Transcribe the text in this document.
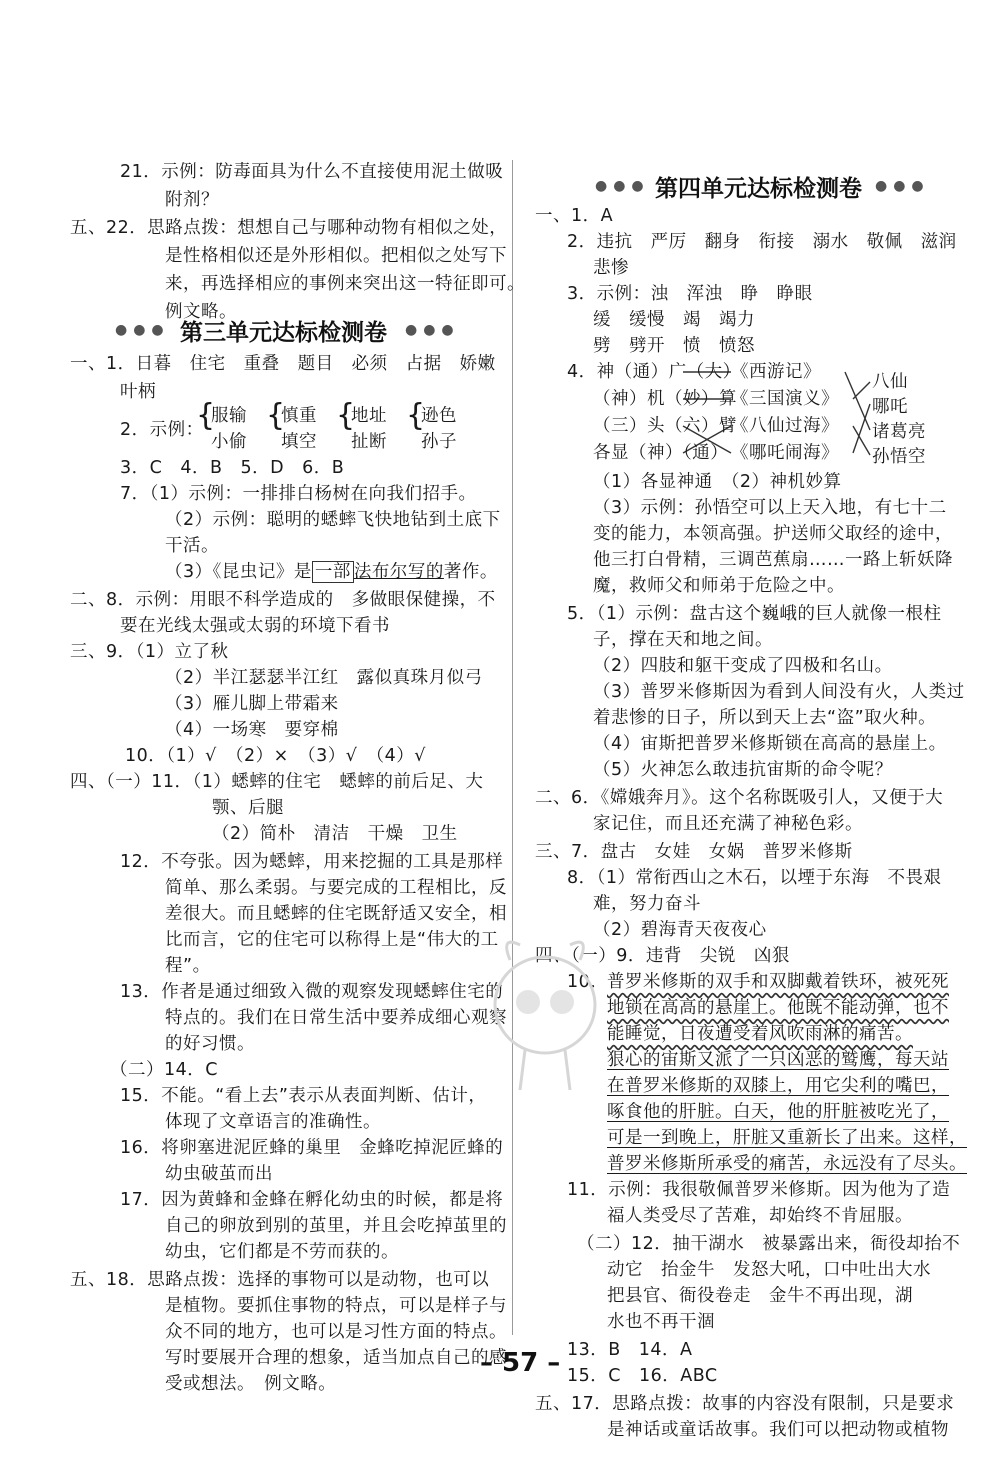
21．示例：防毒面具为什么不直接使用泥土做吸
附剂？
五、22．思路点拨：想想自己与哪种动物有相似之处，
是性格相似还是外形相似。把相似之处写下
来，再选择相应的事例来突出这一特征即可。
例文略。
●●● 第三单元达标检测卷 ●●●
一、1．日暮　住宅　重叠　题目　必须　占据　娇嫩
叶柄
2．示例：
{
服输
小偷
{
慎重
填空
{
地址
扯断
{
逊色
孙子
3．C　4．B　5．D　6．B
7．（1）示例：一排排白杨树在向我们招手。
（2）示例：聪明的蟋蟀飞快地钻到土底下
干活。
（3）《昆虫记》是 一部 法布尔写的著作。
二、8．示例：用眼不科学造成的　多做眼保健操，不
要在光线太强或太弱的环境下看书
三、9．（1）立了秋
（2）半江瑟瑟半江红　露似真珠月似弓
（3）雁儿脚上带霜来
（4）一场寒　要穿棉
10．（1）√　（2）×　（3）√　（4）√
四、（一）11．（1）蟋蟀的住宅　蟋蟀的前后足、大
颚、后腿
（2）简朴　清洁　干燥　卫生
12．不夸张。因为蟋蟀，用来挖掘的工具是那样
简单、那么柔弱。与要完成的工程相比，反
差很大。而且蟋蟀的住宅既舒适又安全，相
比而言，它的住宅可以称得上是“伟大的工
程”。
13．作者是通过细致入微的观察发现蟋蟀住宅的
特点的。我们在日常生活中要养成细心观察
的好习惯。
（二）14．C
15．不能。“看上去”表示从表面判断、估计，
体现了文章语言的准确性。
16．将卵塞进泥匠蜂的巢里　金蜂吃掉泥匠蜂的
幼虫破茧而出
17．因为黄蜂和金蜂在孵化幼虫的时候，都是将
自己的卵放到别的茧里，并且会吃掉茧里的
幼虫，它们都是不劳而获的。
五、18．思路点拨：选择的事物可以是动物，也可以
是植物。要抓住事物的特点，可以是样子与
众不同的地方，也可以是习性方面的特点。
写时要展开合理的想象，适当加点自己的感
受或想法。　例文略。
●●● 第四单元达标检测卷 ●●●
一、1．A
2．违抗　严厉　翻身　衔接　溺水　敬佩　滋润
悲惨
3．示例：浊　浑浊　睁　睁眼
缓　缓慢　竭　竭力
劈　劈开　愤　愤怒
4．神（通）广（大）
（神）机（妙）算
（三）头（六）臂
各显（神）（通）
《西游记》
《三国演义》
《八仙过海》
《哪吒闹海》
八仙
哪吒
诸葛亮
孙悟空
（1）各显神通　（2）神机妙算
（3）示例：孙悟空可以上天入地，有七十二
变的能力，本领高强。护送师父取经的途中，
他三打白骨精，三调芭蕉扇……一路上斩妖降
魔，救师父和师弟于危险之中。
5．（1）示例：盘古这个巍峨的巨人就像一根柱
子，撑在天和地之间。
（2）四肢和躯干变成了四极和名山。
（3）普罗米修斯因为看到人间没有火，人类过
着悲惨的日子，所以到天上去“盗”取火种。
（4）宙斯把普罗米修斯锁在高高的悬崖上。
（5）火神怎么敢违抗宙斯的命令呢？
二、6．《嫦娥奔月》。这个名称既吸引人，又便于大
家记住，而且还充满了神秘色彩。
三、7．盘古　女娃　女娲　普罗米修斯
8．（1）常衔西山之木石，以堙于东海　不畏艰
难，努力奋斗
（2）碧海青天夜夜心
四、（一）9．违背　尖锐　凶狠
10．
普罗米修斯的双手和双脚戴着铁环，被死死
地锁在高高的悬崖上。他既不能动弹，也不
能睡觉，日夜遭受着风吹雨淋的痛苦。
狠心的宙斯又派了一只凶恶的鹫鹰，每天站
在普罗米修斯的双膝上，用它尖利的嘴巴，
啄食他的肝脏。白天，他的肝脏被吃光了，
可是一到晚上，肝脏又重新长了出来。这样，
普罗米修斯所承受的痛苦，永远没有了尽头。
11．示例：我很敬佩普罗米修斯。因为他为了造
福人类受尽了苦难，却始终不肯屈服。
（二）12．抽干湖水　被暴露出来，衙役却抬不
动它　抬金牛　发怒大吼，口中吐出大水
把县官、衙役卷走　金牛不再出现，湖
水也不再干涸
13．B　14．A
15．C　16．ABC
五、17．思路点拨：故事的内容没有限制，只是要求
是神话或童话故事。我们可以把动物或植物
– 57 –
